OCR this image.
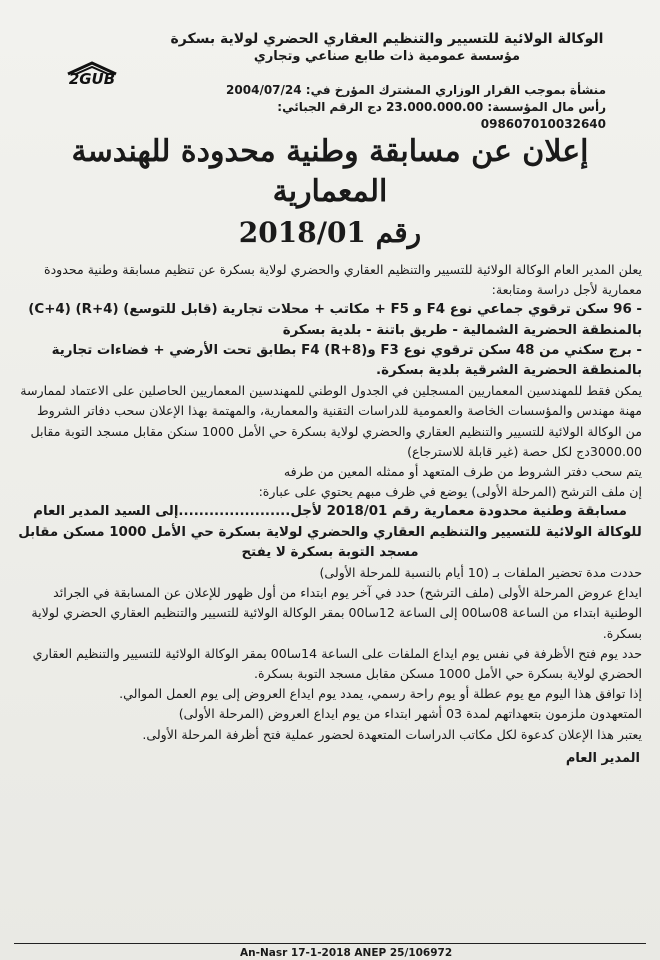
الوكالة الولائية للتسيير والتنظيم العقاري الحضري لولاية بسكرة
مؤسسة عمومية ذات طابع صناعي وتجاري
منشأة بموجب القرار الوزاري المشترك المؤرخ في: 2004/07/24
رأس مال المؤسسة: 23.000.000.00 دج الرقم الجبائي: 098607010032640
2GUB
إعلان عن مسابقة وطنية محدودة للهندسة المعمارية
رقم 2018/01

يعلن المدير العام الوكالة الولائية للتسيير والتنظيم العقاري والحضري لولاية بسكرة عن تنظيم مسابقة وطنية محدودة معمارية لأجل دراسة ومتابعة:

- 96 سكن ترقوي جماعي نوع F4 و F5 + مكاتب + محلات تجارية (قابل للتوسع) (R+4) (C+4)

بالمنطقة الحضرية الشمالية - طريق باتنة - بلدية بسكرة

- برج سكني من 48 سكن ترقوي نوع F3 وF4 (R+8) بطابق تحت الأرضي + فضاءات تجارية بالمنطقة الحضرية الشرقية بلدية بسكرة.

يمكن فقط للمهندسين المعماريين المسجلين في الجدول الوطني للمهندسين المعماريين الحاصلين على الاعتماد لممارسة مهنة مهندس والمؤسسات الخاصة والعمومية للدراسات التقنية والمعمارية، والمهتمة بهذا الإعلان سحب دفاتر الشروط من الوكالة الولائية للتسيير والتنظيم العقاري والحضري لولاية بسكرة حي الأمل 1000 سنكن مقابل مسجد التوبة مقابل 3000.00دج لكل حصة (غير قابلة للاسترجاع)

يتم سحب دفتر الشروط من طرف المتعهد أو ممثله المعين من طرفه

إن ملف الترشح (المرحلة الأولى) يوضع في ظرف مبهم يحتوي على عبارة:

مسابقة وطنية محدودة معمارية رقم 2018/01 لأجل......................إلى السيد المدير العام للوكالة الولائية للتسيير والتنظيم العقاري والحضري لولاية بسكرة حي الأمل 1000 مسكن مقابل مسجد التوبة بسكرة لا يفتح

حددت مدة تحضير الملفات بـ (10 أيام بالنسبة للمرحلة الأولى)

ايداع عروض المرحلة الأولى (ملف الترشح) حدد في آخر يوم ابتداء من أول ظهور للإعلان عن المسابقة في الجرائد الوطنية ابتداء من الساعة 08سا00 إلى الساعة 12سا00 بمقر الوكالة الولائية للتسيير والتنظيم العقاري الحضري لولاية بسكرة.

حدد يوم فتح الأظرفة في نفس يوم ايداع الملفات على الساعة 14سا00 بمقر الوكالة الولائية للتسيير والتنظيم العقاري الحضري لولاية بسكرة حي الأمل 1000 مسكن مقابل مسجد التوبة بسكرة.

إذا توافق هذا اليوم مع يوم عطلة أو يوم راحة رسمي، يمدد يوم ايداع العروض إلى يوم العمل الموالي.

المتعهدون ملزمون بتعهداتهم لمدة 03 أشهر ابتداء من يوم ايداع العروض (المرحلة الأولى)

يعتبر هذا الإعلان كدعوة لكل مكاتب الدراسات المتعهدة لحضور عملية فتح أظرفة المرحلة الأولى.

المدير العام
An-Nasr 17-1-2018 ANEP 25/106972
